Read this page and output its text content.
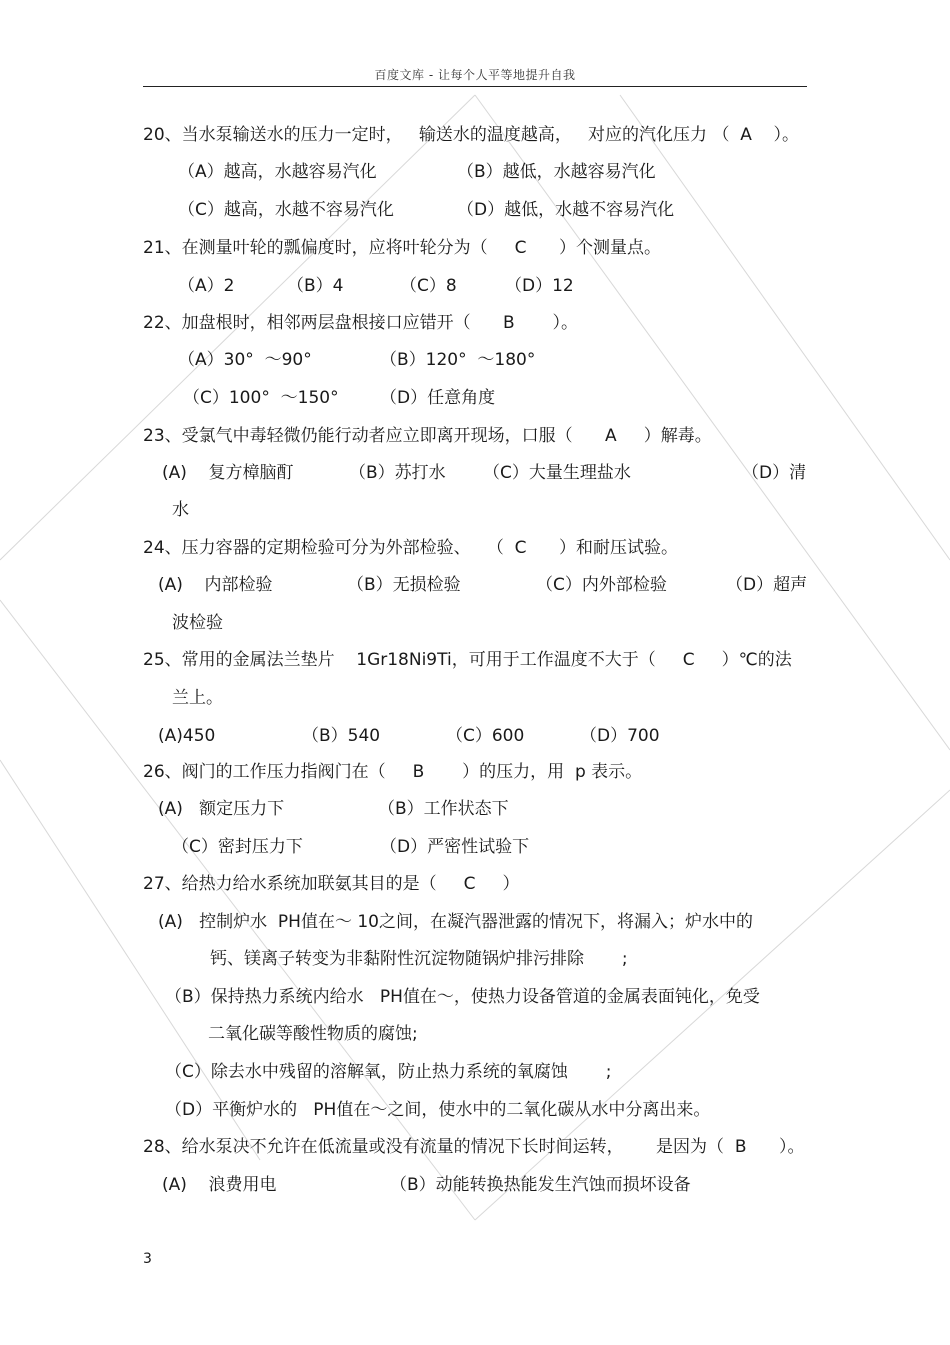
百度文库 - 让每个人平等地提升自我
20、当水泵输送水的压力一定时，   输送水的温度越高，   对应的汽化压力 （  A    ）。
（A）越高，水越容易汽化	（B）越低，水越容易汽化
（C）越高，水越不容易汽化	（D）越低，水越不容易汽化
21、在测量叶轮的瓢偏度时，应将叶轮分为（     C      ）个测量点。
（A）2	（B）4	（C）8	（D）12
22、加盘根时，相邻两层盘根接口应错开（      B       ）。
（A）30°  ～90°	（B）120°  ～180°
（C）100°  ～150° （D）任意角度
23、受氯气中毒轻微仍能行动者应立即离开现场，口服（      A     ）解毒。
(A)    复方樟脑酊	（B）苏打水 （C）大量生理盐水	（D）清
水
24、压力容器的定期检验可分为外部检验、   （  C      ）和耐压试验。
(A)    内部检验	（B）无损检验	（C）内外部检验	（D）超声
波检验
25、常用的金属法兰垫片    1Gr18Ni9Ti，可用于工作温度不大于（     C     ）℃的法
兰上。
(A)450	（B）540	（C）600	（D）700
26、阀门的工作压力指阀门在（     B       ）的压力，用  p 表示。
(A)   额定压力下	（B）工作状态下
（C）密封压力下	（D）严密性试验下
27、给热力给水系统加联氨其目的是（     C     ）
(A)   控制炉水  PH值在～ 10之间，在凝汽器泄露的情况下，将漏入；炉水中的
钙、镁离子转变为非黏附性沉淀物随锅炉排污排除       ;
（B）保持热力系统内给水   PH值在～，使热力设备管道的金属表面钝化，免受
二氧化碳等酸性物质的腐蚀;
（C）除去水中残留的溶解氧，防止热力系统的氧腐蚀       ;
（D）平衡炉水的   PH值在～之间，使水中的二氧化碳从水中分离出来。
28、给水泵决不允许在低流量或没有流量的情况下长时间运转，      是因为（  B      ）。
(A)    浪费用电	（B）动能转换热能发生汽蚀而损坏设备
3
